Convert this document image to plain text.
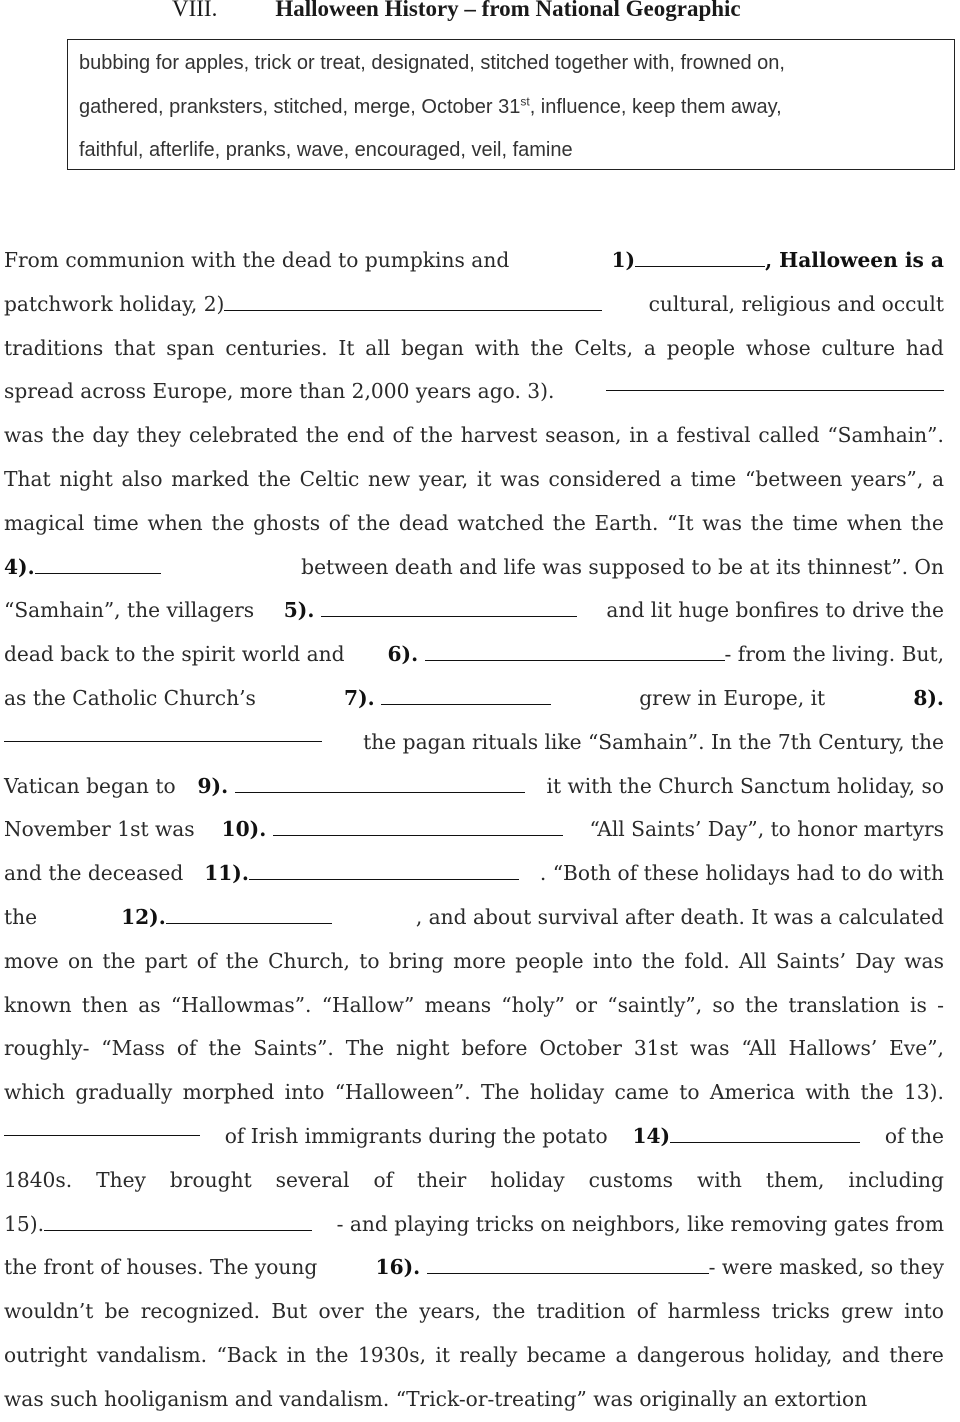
VIII.	Halloween History – from National Geographic
bubbing for apples, trick or treat, designated, stitched together with, frowned on,
gathered, pranksters, stitched, merge, October 31st, influence, keep them away,
faithful, afterlife, pranks, wave, encouraged, veil, famine
From communion with the dead to pumpkins and	1)	, Halloween is a
patchwork holiday, 2)	cultural, religious and occult
traditions that span centuries. It all began with the Celts, a people whose culture had
spread across Europe, more than 2,000 years ago. 3).
was the day they celebrated the end of the harvest season, in a festival called “Samhain”.
That night also marked the Celtic new year, it was considered a time “between years”, a
magical time when the ghosts of the dead watched the Earth. “It was the time when the
4).	between death and life was supposed to be at its thinnest”. On
“Samhain”, the villagers 5).	and lit huge bonfires to drive the
dead back to the spirit world and 6).	- from the living. But,
as the Catholic Church’s	7).	grew in Europe, it	8).
the pagan rituals like “Samhain”. In the 7th Century, the
Vatican began to 9).	it with the Church Sanctum holiday, so
November 1st was 10).	“All Saints’ Day”, to honor martyrs
and the deceased 11).	. “Both of these holidays had to do with
the	12).	, and about survival after death. It was a calculated
move on the part of the Church, to bring more people into the fold. All Saints’ Day was
known then as “Hallowmas”. “Hallow” means “holy” or “saintly”, so the translation is -
roughly- “Mass of the Saints”. The night before October 31st was “All Hallows’ Eve”,
which gradually morphed into “Halloween”. The holiday came to America with the 13).
of Irish immigrants during the potato 14)	of the
1840s. They brought several of their holiday customs with them, including
15).	- and playing tricks on neighbors, like removing gates from
the front of houses. The young	16).	- were masked, so they
wouldn’t be recognized. But over the years, the tradition of harmless tricks grew into
outright vandalism. “Back in the 1930s, it really became a dangerous holiday, and there
was such hooliganism and vandalism. “Trick-or-treating” was originally an extortion
